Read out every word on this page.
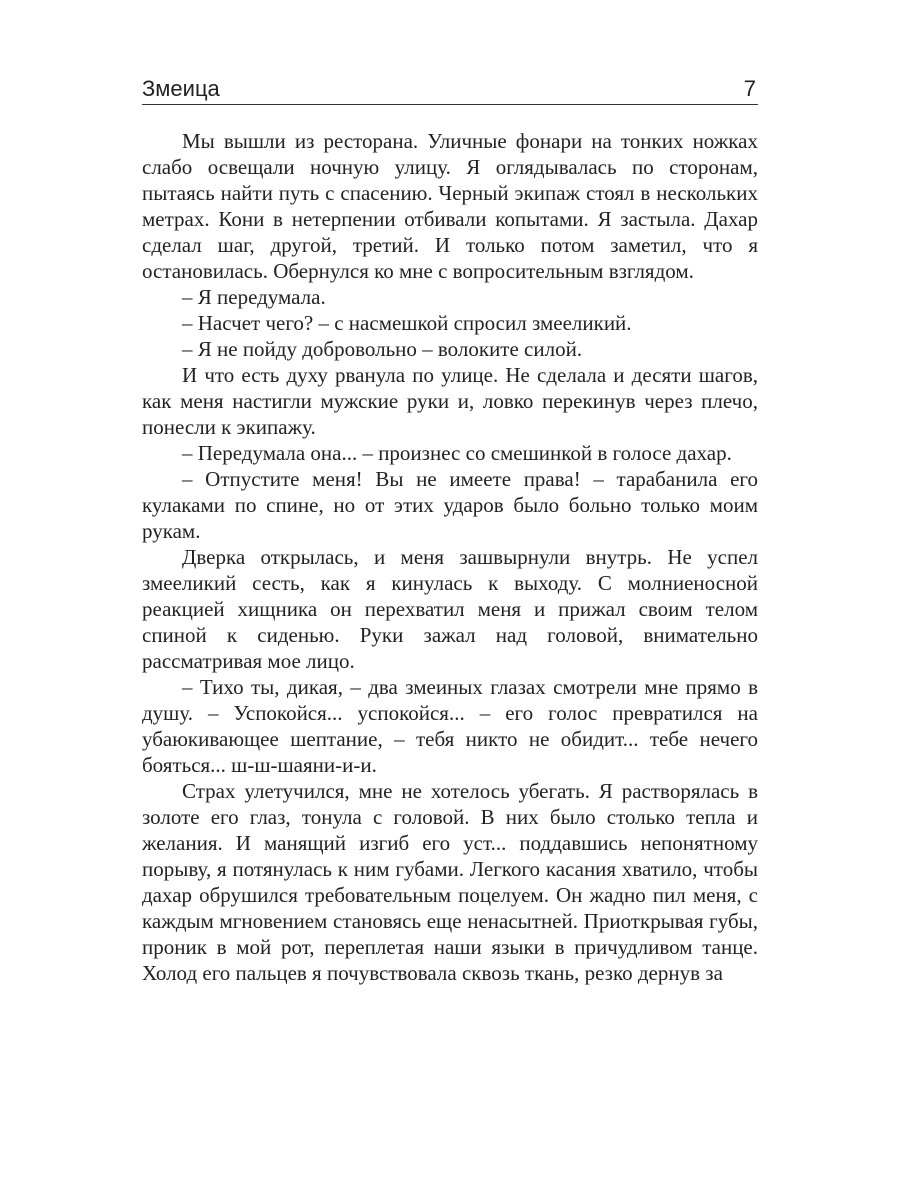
Змеица	7

Мы вышли из ресторана. Уличные фонари на тонких ножках слабо освещали ночную улицу. Я оглядывалась по сторонам, пытаясь найти путь с спасению. Черный экипаж стоял в нескольких метрах. Кони в нетерпении отбивали копытами. Я застыла. Дахар сделал шаг, другой, третий. И только потом заметил, что я остановилась. Обернулся ко мне с вопросительным взглядом.

– Я передумала.

– Насчет чего? – с насмешкой спросил змееликий.

– Я не пойду добровольно – волоките силой.

И что есть духу рванула по улице. Не сделала и десяти шагов, как меня настигли мужские руки и, ловко перекинув через плечо, понесли к экипажу.

– Передумала она... – произнес со смешинкой в голосе дахар.

– Отпустите меня! Вы не имеете права! – тарабанила его кулаками по спине, но от этих ударов было больно только моим рукам.

Дверка открылась, и меня зашвырнули внутрь. Не успел змееликий сесть, как я кинулась к выходу. С молниеносной реакцией хищника он перехватил меня и прижал своим телом спиной к сиденью. Руки зажал над головой, внимательно рассматривая мое лицо.

– Тихо ты, дикая, – два змеиных глазах смотрели мне прямо в душу. – Успокойся... успокойся... – его голос превратился на убаюкивающее шептание, – тебя никто не обидит... тебе нечего бояться... ш-ш-шаяни-и-и.

Страх улетучился, мне не хотелось убегать. Я растворялась в золоте его глаз, тонула с головой. В них было столько тепла и желания. И манящий изгиб его уст... поддавшись непонятному порыву, я потянулась к ним губами. Легкого касания хватило, чтобы дахар обрушился требовательным поцелуем. Он жадно пил меня, с каждым мгновением становясь еще ненасытней. Приоткрывая губы, проник в мой рот, переплетая наши языки в причудливом танце. Холод его пальцев я почувствовала сквозь ткань, резко дернув за
